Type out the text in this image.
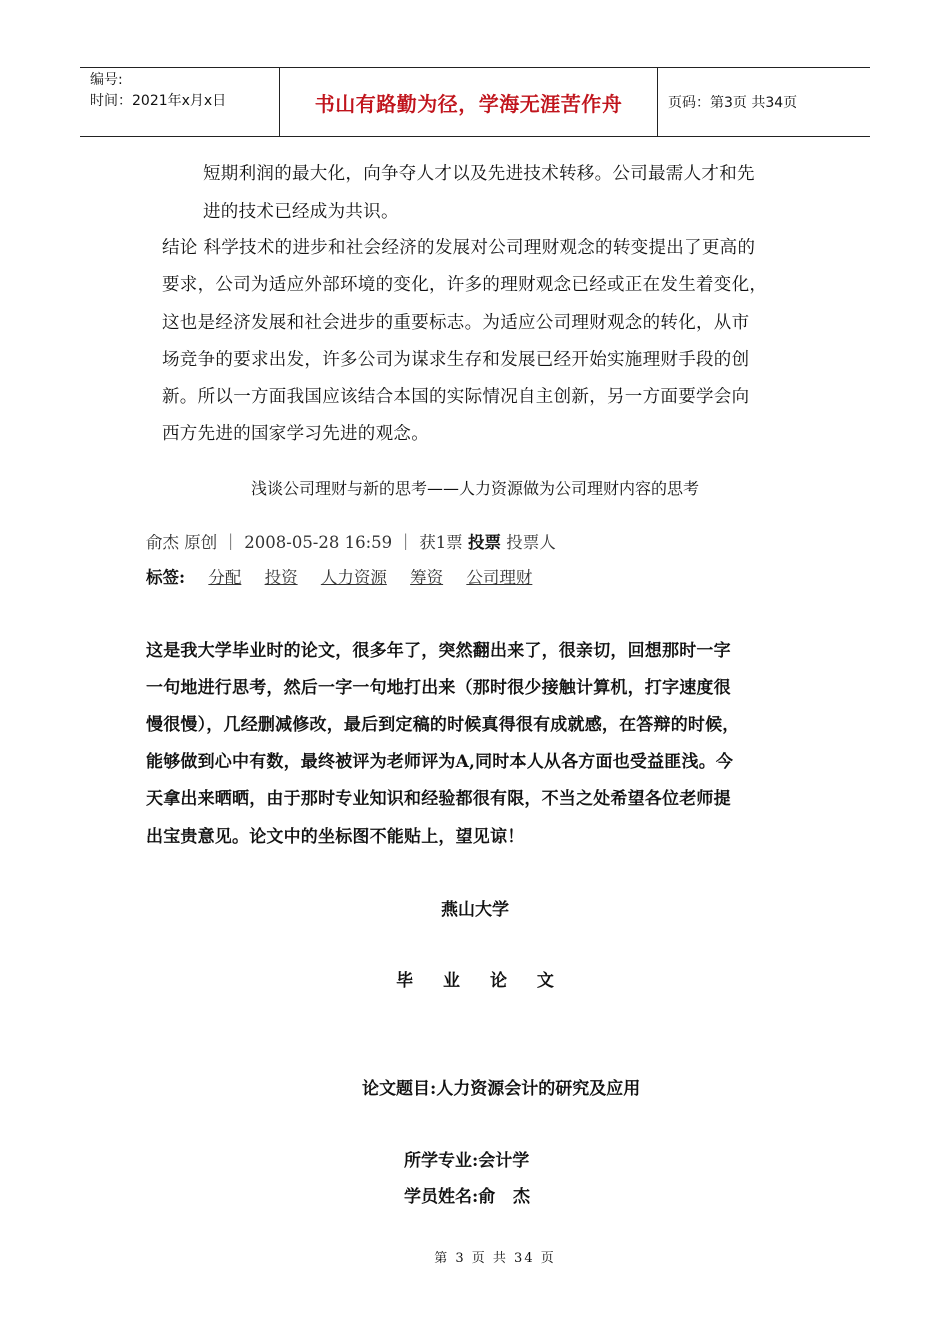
编号:
时间：2021年x月x日	书山有路勤为径，学海无涯苦作舟	页码：第3页 共34页
短期利润的最大化，向争夺人才以及先进技术转移。公司最需人才和先
进的技术已经成为共识。
结论 科学技术的进步和社会经济的发展对公司理财观念的转变提出了更高的
要求，公司为适应外部环境的变化，许多的理财观念已经或正在发生着变化，
这也是经济发展和社会进步的重要标志。为适应公司理财观念的转化，从市
场竞争的要求出发，许多公司为谋求生存和发展已经开始实施理财手段的创
新。所以一方面我国应该结合本国的实际情况自主创新，另一方面要学会向
西方先进的国家学习先进的观念。
浅谈公司理财与新的思考——人力资源做为公司理财内容的思考
俞杰 原创 ｜ 2008-05-28 16:59 ｜ 获1票 投票 投票人
标签: 分配 投资 人力资源 筹资 公司理财
这是我大学毕业时的论文，很多年了，突然翻出来了，很亲切，回想那时一字
一句地进行思考，然后一字一句地打出来（那时很少接触计算机，打字速度很
慢很慢），几经删减修改，最后到定稿的时候真得很有成就感，在答辩的时候，
能够做到心中有数，最终被评为老师评为A,同时本人从各方面也受益匪浅。今
天拿出来晒晒，由于那时专业知识和经验都很有限，不当之处希望各位老师提
出宝贵意见。论文中的坐标图不能贴上，望见谅！
燕山大学
毕 业 论 文
论文题目:人力资源会计的研究及应用
所学专业:会计学
学员姓名:俞   杰
第 3 页 共 34 页
